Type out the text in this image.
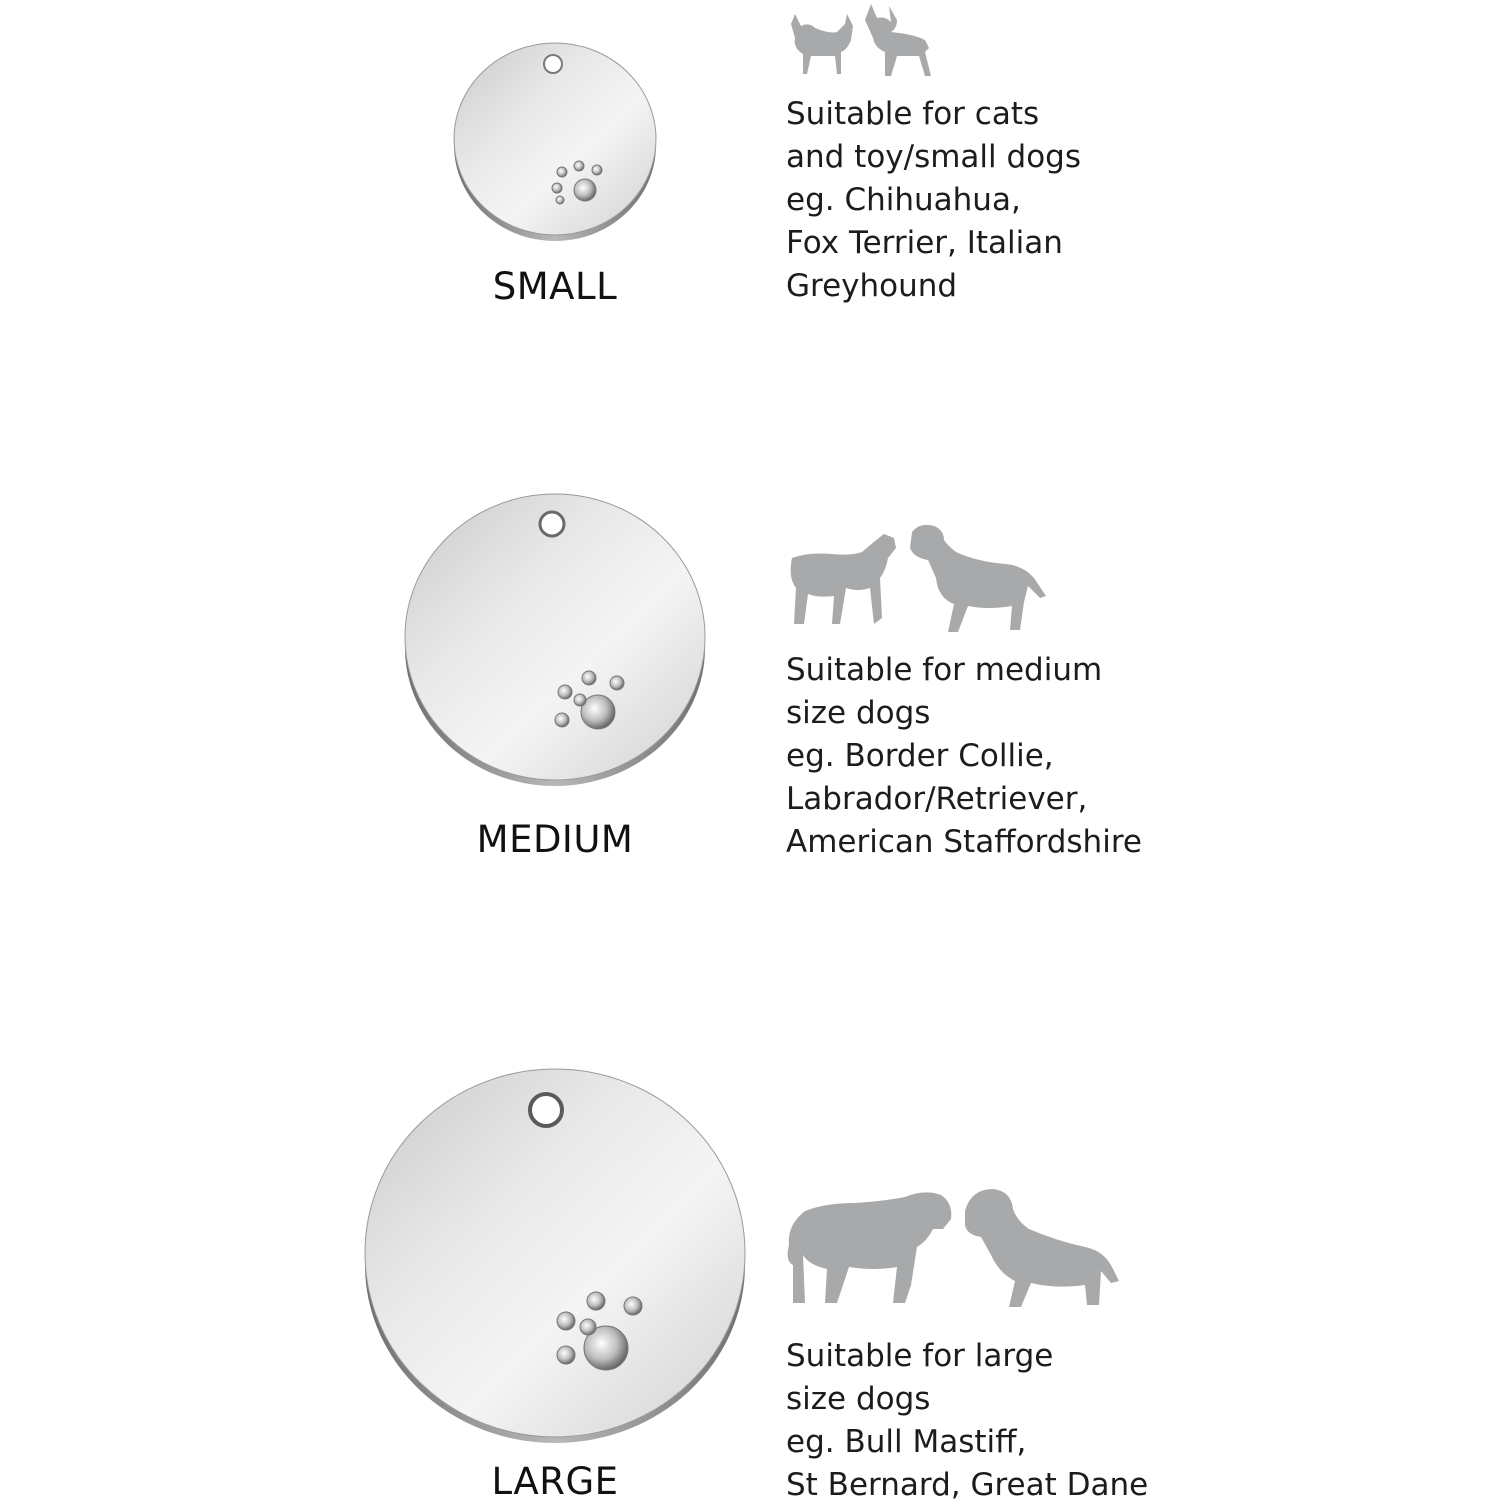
SMALL
Suitable for cats
and toy/small dogs
eg. Chihuahua,
Fox Terrier, Italian
Greyhound
MEDIUM
Suitable for medium
size dogs
eg. Border Collie,
Labrador/Retriever,
American Staffordshire
LARGE
Suitable for large
size dogs
eg. Bull Mastiff,
St Bernard, Great Dane
